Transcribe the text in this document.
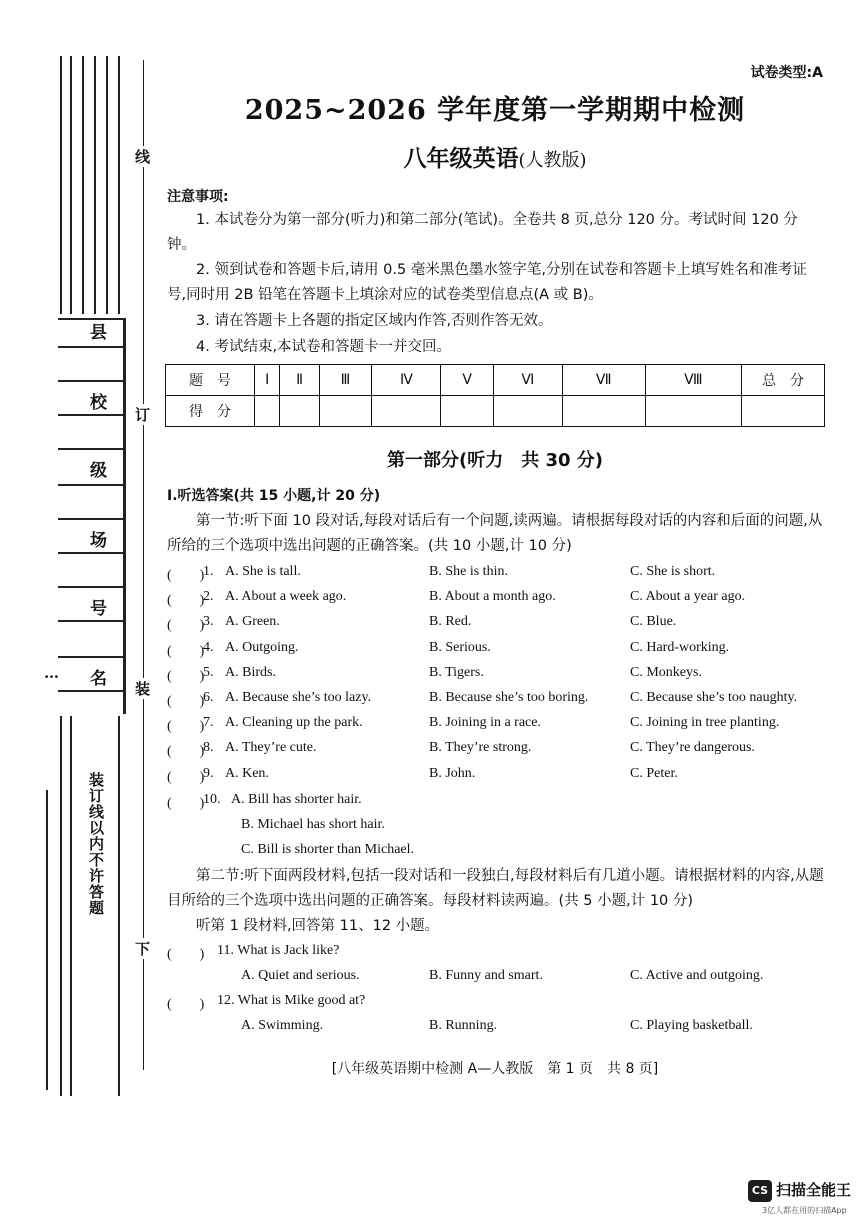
县
校
级
场
号
名
…
装订线以内不许答题
线
订
装
下
试卷类型:A
2025~2026 学年度第一学期期中检测
八年级英语(人教版)
注意事项:
1. 本试卷分为第一部分(听力)和第二部分(笔试)。全卷共 8 页,总分 120 分。考试时间 120 分钟。
2. 领到试卷和答题卡后,请用 0.5 毫米黑色墨水签字笔,分别在试卷和答题卡上填写姓名和准考证号,同时用 2B 铅笔在答题卡上填涂对应的试卷类型信息点(A 或 B)。
3. 请在答题卡上各题的指定区域内作答,否则作答无效。
4. 考试结束,本试卷和答题卡一并交回。
题　号	Ⅰ	Ⅱ	Ⅲ	Ⅳ	Ⅴ	Ⅵ	Ⅶ	Ⅷ	总　分
得　分									
第一部分(听力　共 30 分)
Ⅰ.听选答案(共 15 小题,计 20 分)
第一节:听下面 10 段对话,每段对话后有一个问题,读两遍。请根据每段对话的内容和后面的问题,从所给的三个选项中选出问题的正确答案。(共 10 小题,计 10 分)
(　　)
1. A. She is tall.	B. She is thin.	C. She is short.
(　　)
2. A. About a week ago.	B. About a month ago.	C. About a year ago.
(　　)
3. A. Green.	B. Red.	C. Blue.
(　　)
4. A. Outgoing.	B. Serious.	C. Hard-working.
(　　)
5. A. Birds.	B. Tigers.	C. Monkeys.
(　　)
6. A. Because she’s too lazy.	B. Because she’s too boring.	C. Because she’s too naughty.
(　　)
7. A. Cleaning up the park.	B. Joining in a race.	C. Joining in tree planting.
(　　)
8. A. They’re cute.	B. They’re strong.	C. They’re dangerous.
(　　)
9. A. Ken.	B. John.	C. Peter.
(　　)
10. A. Bill has shorter hair.
B. Michael has short hair.
C. Bill is shorter than Michael.
第二节:听下面两段材料,包括一段对话和一段独白,每段材料后有几道小题。请根据材料的内容,从题目所给的三个选项中选出问题的正确答案。每段材料读两遍。(共 5 小题,计 10 分)
听第 1 段材料,回答第 11、12 小题。
(　　) 11. What is Jack like?
A. Quiet and serious.	B. Funny and smart.	C. Active and outgoing.
(　　) 12. What is Mike good at?
A. Swimming.	B. Running.	C. Playing basketball.
[八年级英语期中检测 A—人教版　第 1 页　共 8 页]
CS 扫描全能王
3亿人都在用的扫描App
